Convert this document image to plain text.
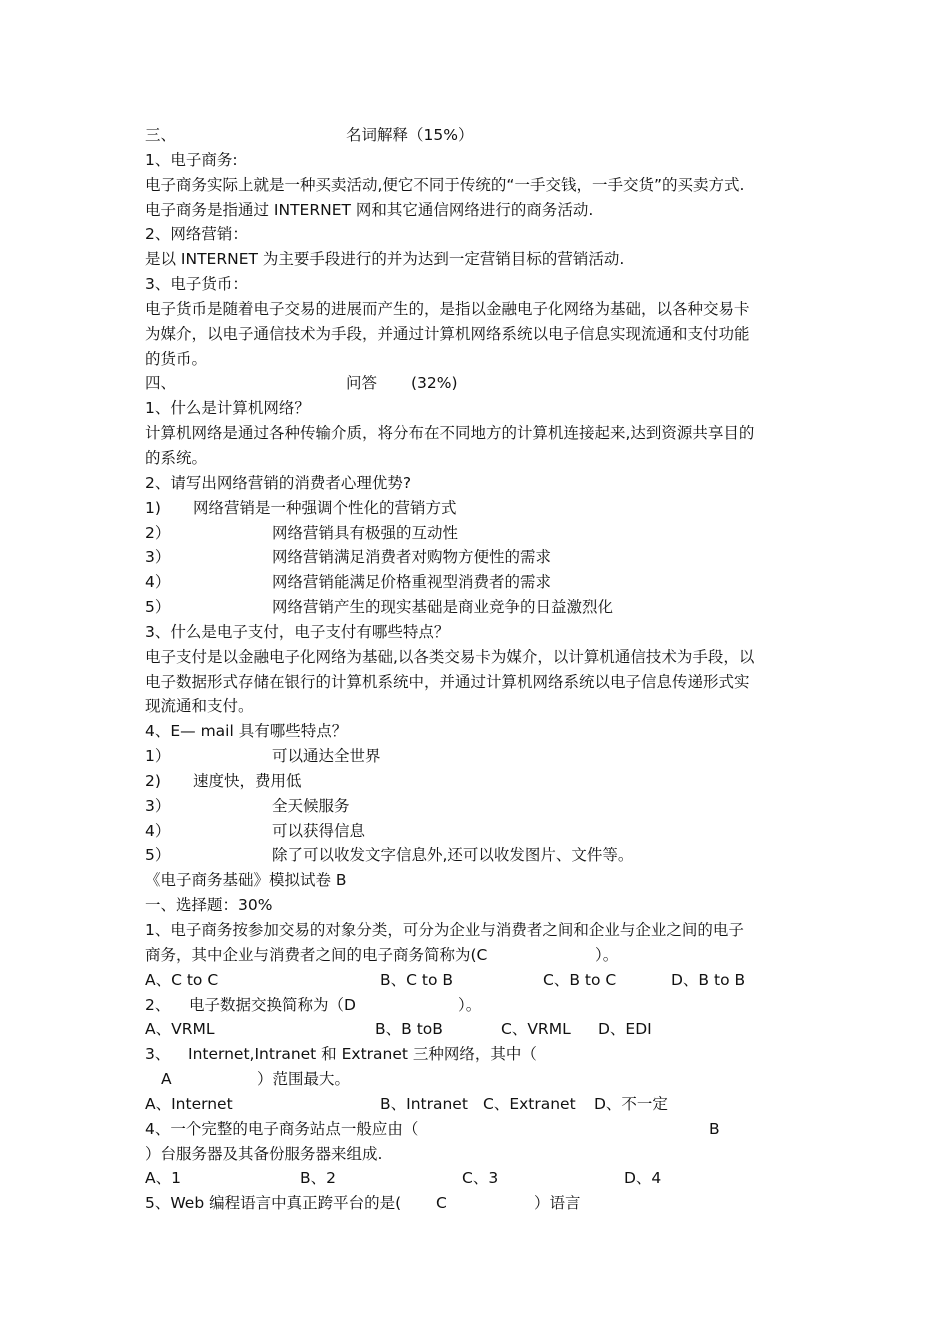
三、	名词解释（15%）
1、电子商务:
电子商务实际上就是一种买卖活动,便它不同于传统的“一手交钱，一手交货”的买卖方式.
电子商务是指通过 INTERNET 网和其它通信网络进行的商务活动.
2、网络营销：
是以 INTERNET 为主要手段进行的并为达到一定营销目标的营销活动.
3、电子货币：
电子货币是随着电子交易的进展而产生的，是指以金融电子化网络为基础，以各种交易卡
为媒介，以电子通信技术为手段，并通过计算机网络系统以电子信息实现流通和支付功能
的货币。
四、	问答 (32%)
1、什么是计算机网络？
计算机网络是通过各种传输介质，将分布在不同地方的计算机连接起来,达到资源共享目的
的系统。
2、请写出网络营销的消费者心理优势?
1) 网络营销是一种强调个性化的营销方式
2）	网络营销具有极强的互动性
3）	网络营销满足消费者对购物方便性的需求
4）	网络营销能满足价格重视型消费者的需求
5）	网络营销产生的现实基础是商业竞争的日益激烈化
3、什么是电子支付，电子支付有哪些特点？
电子支付是以金融电子化网络为基础,以各类交易卡为媒介，以计算机通信技术为手段，以
电子数据形式存储在银行的计算机系统中，并通过计算机网络系统以电子信息传递形式实
现流通和支付。
4、E— mail 具有哪些特点？
1）	可以通达全世界
2) 速度快，费用低
3）	全天候服务
4）	可以获得信息
5）	除了可以收发文字信息外,还可以收发图片、文件等。
《电子商务基础》模拟试卷 B
一、选择题：30%
1、电子商务按参加交易的对象分类，可分为企业与消费者之间和企业与企业之间的电子
商务，其中企业与消费者之间的电子商务简称为(C	）。
A、C to C	B、C to B	C、B to C	D、B to B
2、 电子数据交换简称为（D	）。
A、VRML	B、B toB	C、VRML D、EDI
3、 Internet,Intranet 和 Extranet 三种网络，其中（
A	）范围最大。
A、Internet	B、Intranet C、Extranet D、不一定
4、一个完整的电子商务站点一般应由（	B
）台服务器及其备份服务器来组成.
A、1	B、2	C、3	D、4
5、Web 编程语言中真正跨平台的是( C	）语言
